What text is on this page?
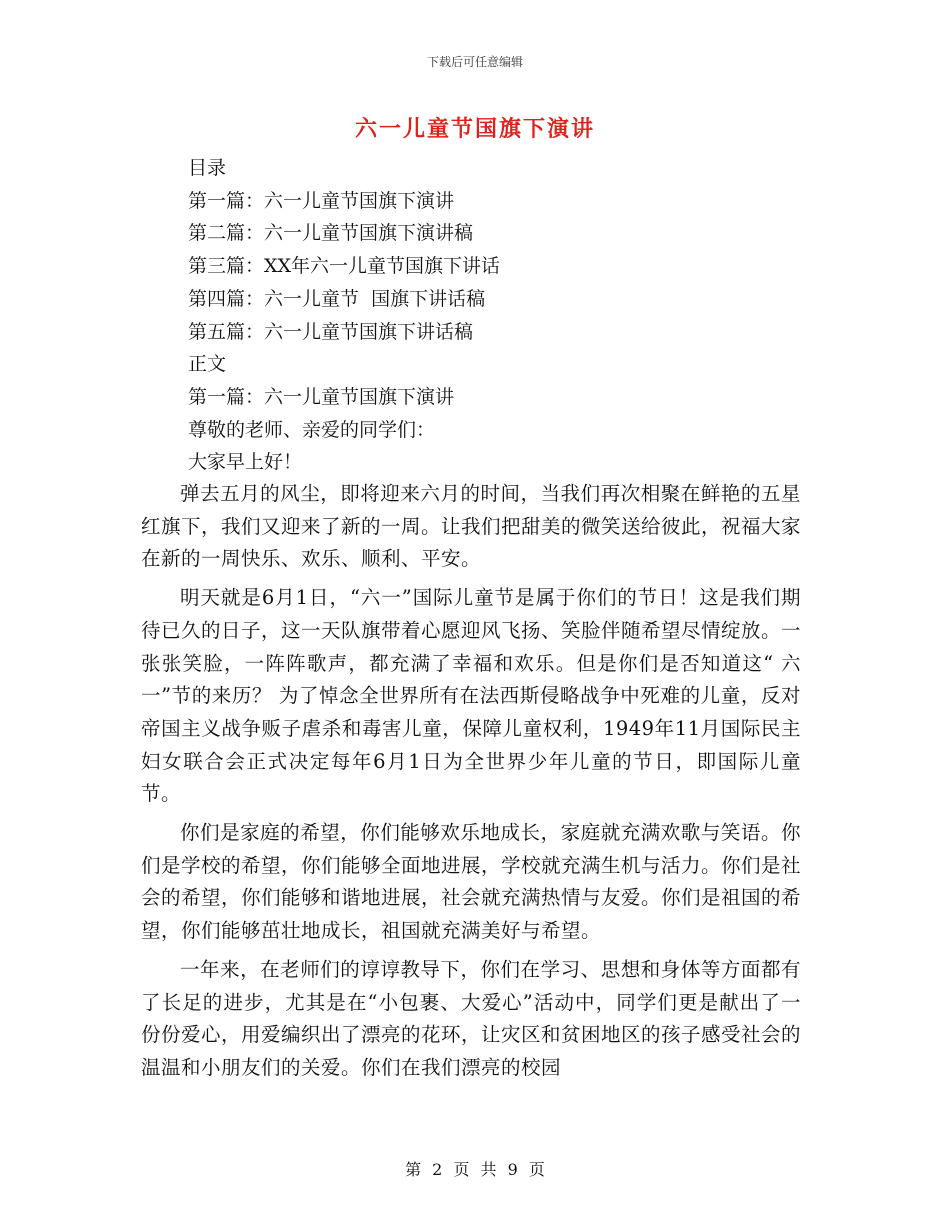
下载后可任意编辑
六一儿童节国旗下演讲
目录
第一篇：六一儿童节国旗下演讲
第二篇：六一儿童节国旗下演讲稿
第三篇：XX年六一儿童节国旗下讲话
第四篇：六一儿童节  国旗下讲话稿
第五篇：六一儿童节国旗下讲话稿
正文
第一篇：六一儿童节国旗下演讲
尊敬的老师、亲爱的同学们：
大家早上好！

弹去五月的风尘，即将迎来六月的时间，当我们再次相聚在鲜艳的五星红旗下，我们又迎来了新的一周。让我们把甜美的微笑送给彼此，祝福大家在新的一周快乐、欢乐、顺利、平安。

明天就是6月1日，“六一”国际儿童节是属于你们的节日！这是我们期待已久的日子，这一天队旗带着心愿迎风飞扬、笑脸伴随希望尽情绽放。一张张笑脸，一阵阵歌声，都充满了幸福和欢乐。但是你们是否知道这“ 六一”节的来历？ 为了悼念全世界所有在法西斯侵略战争中死难的儿童，反对帝国主义战争贩子虐杀和毒害儿童，保障儿童权利，1949年11月国际民主妇女联合会正式决定每年6月1日为全世界少年儿童的节日，即国际儿童节。

你们是家庭的希望，你们能够欢乐地成长，家庭就充满欢歌与笑语。你们是学校的希望，你们能够全面地进展，学校就充满生机与活力。你们是社会的希望，你们能够和谐地进展，社会就充满热情与友爱。你们是祖国的希望，你们能够茁壮地成长，祖国就充满美好与希望。

一年来，在老师们的谆谆教导下，你们在学习、思想和身体等方面都有了长足的进步，尤其是在“小包裹、大爱心”活动中，同学们更是献出了一份份爱心，用爱编织出了漂亮的花环，让灾区和贫困地区的孩子感受社会的温温和小朋友们的关爱。你们在我们漂亮的校园

第 2 页 共 9 页
